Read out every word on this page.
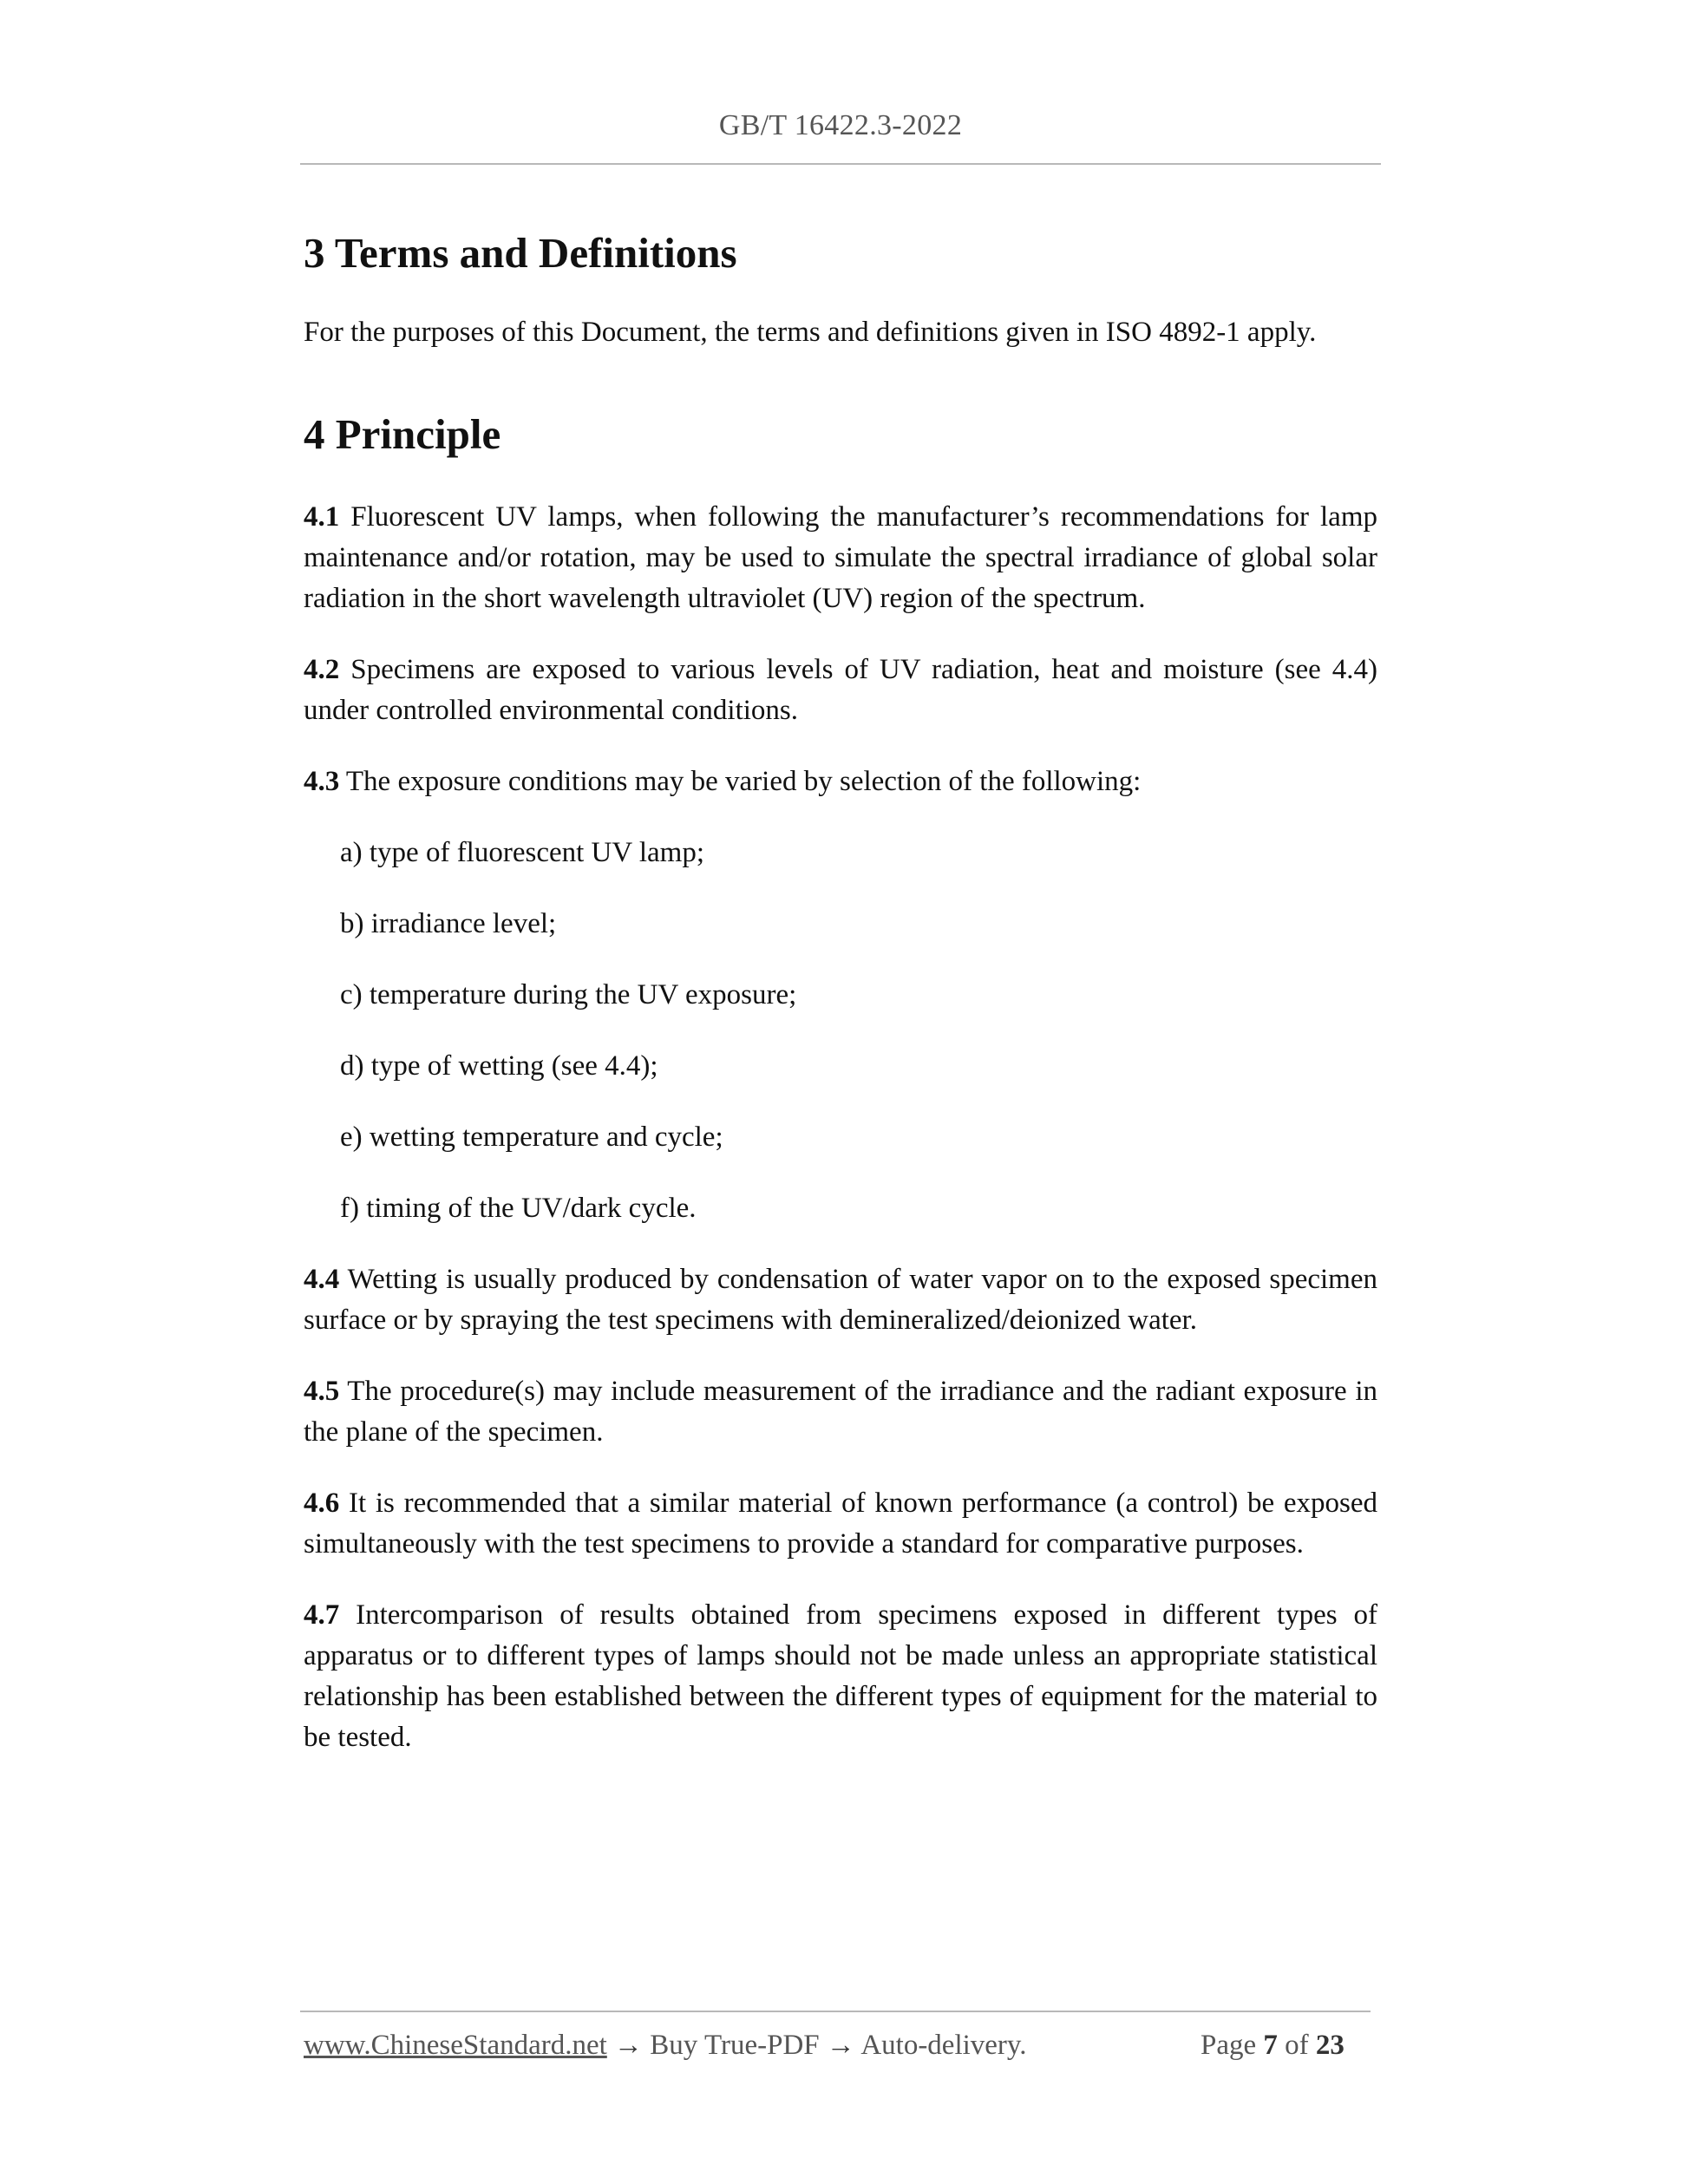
GB/T 16422.3-2022
3 Terms and Definitions

For the purposes of this Document, the terms and definitions given in ISO 4892-1 apply.

4 Principle

4.1 Fluorescent UV lamps, when following the manufacturer’s recommendations for lamp maintenance and/or rotation, may be used to simulate the spectral irradiance of global solar radiation in the short wavelength ultraviolet (UV) region of the spectrum.

4.2 Specimens are exposed to various levels of UV radiation, heat and moisture (see 4.4) under controlled environmental conditions.

4.3 The exposure conditions may be varied by selection of the following:

a) type of fluorescent UV lamp;

b) irradiance level;

c) temperature during the UV exposure;

d) type of wetting (see 4.4);

e) wetting temperature and cycle;

f) timing of the UV/dark cycle.

4.4 Wetting is usually produced by condensation of water vapor on to the exposed specimen surface or by spraying the test specimens with demineralized/deionized water.

4.5 The procedure(s) may include measurement of the irradiance and the radiant exposure in the plane of the specimen.

4.6 It is recommended that a similar material of known performance (a control) be exposed simultaneously with the test specimens to provide a standard for comparative purposes.

4.7 Intercomparison of results obtained from specimens exposed in different types of apparatus or to different types of lamps should not be made unless an appropriate statistical relationship has been established between the different types of equipment for the material to be tested.

www.ChineseStandard.net → Buy True-PDF → Auto-delivery.	Page 7 of 23
